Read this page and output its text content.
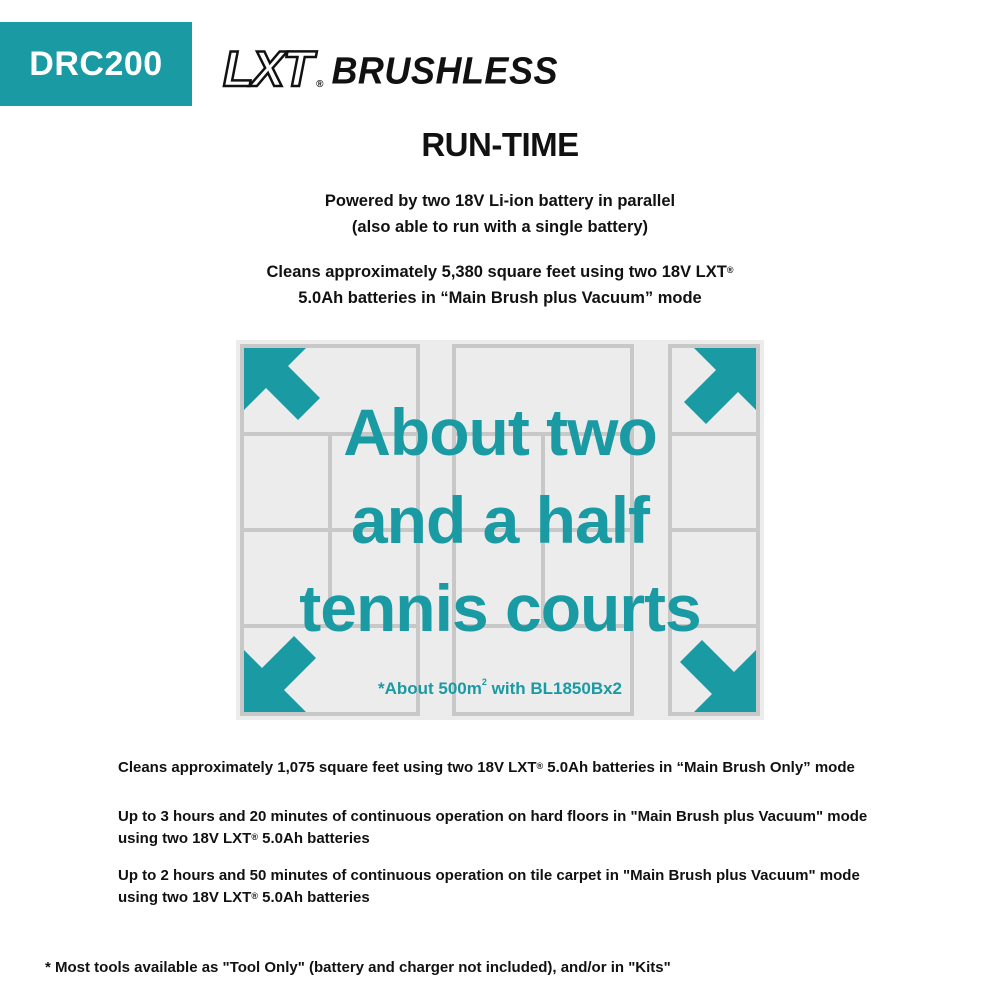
DRC200 LXT ® BRUSHLESS
RUN-TIME
Powered by two 18V Li-ion battery in parallel
(also able to run with a single battery)
Cleans approximately 5,380 square feet using two 18V LXT®
5.0Ah batteries in “Main Brush plus Vacuum” mode
About two
and a half
tennis courts
*About $500m^2$ with BL1850Bx2
Cleans approximately 1,075 square feet using two 18V LXT® 5.0Ah batteries in “Main Brush Only” mode
Up to 3 hours and 20 minutes of continuous operation on hard floors in "Main Brush plus Vacuum" mode
using two 18V LXT® 5.0Ah batteries
Up to 2 hours and 50 minutes of continuous operation on tile carpet in "Main Brush plus Vacuum" mode
using two 18V LXT® 5.0Ah batteries
* Most tools available as "Tool Only" (battery and charger not included), and/or in "Kits"
